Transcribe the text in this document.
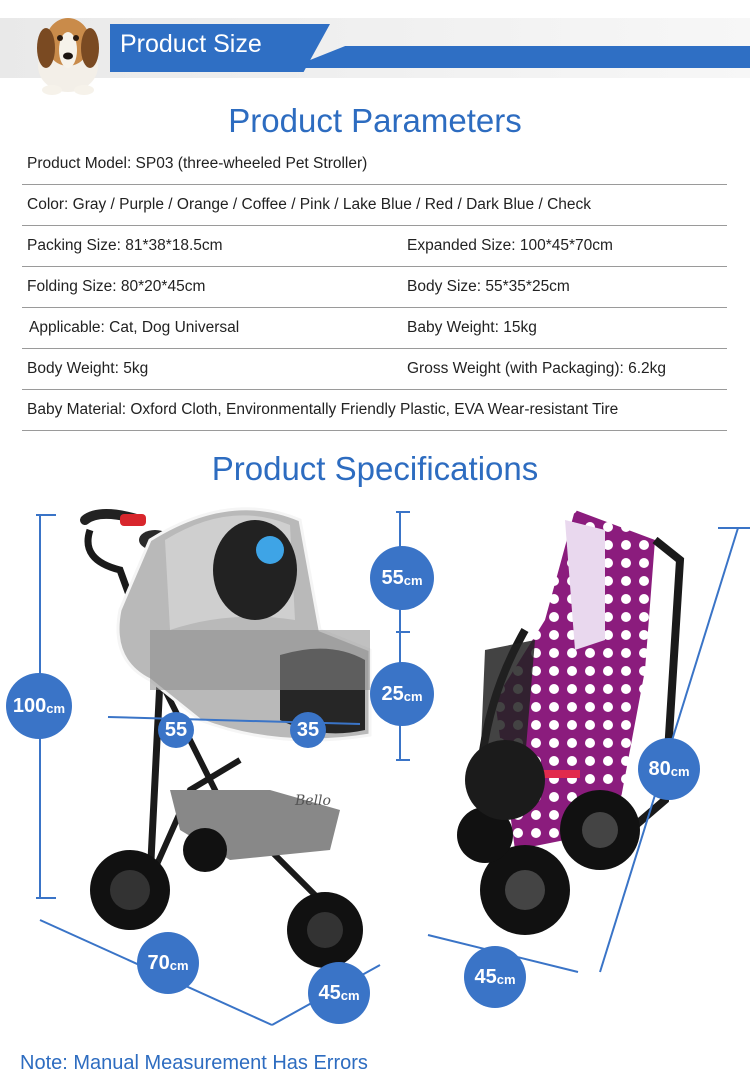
Product Size
Product Parameters
Product Model: SP03 (three-wheeled Pet Stroller)
Color: Gray / Purple / Orange / Coffee / Pink / Lake Blue / Red / Dark Blue / Check
Packing Size: 81*38*18.5cm	Expanded Size: 100*45*70cm
Folding Size: 80*20*45cm	Body Size: 55*35*25cm
Applicable: Cat, Dog Universal	Baby Weight: 15kg
Body Weight: 5kg	Gross Weight (with Packaging): 6.2kg
Baby Material: Oxford Cloth, Environmentally Friendly Plastic, EVA Wear-resistant Tire
Product Specifications
Bello
100 cm
55 cm
25 cm
55	35
70 cm
45 cm
80 cm
45 cm
Note: Manual Measurement Has Errors
